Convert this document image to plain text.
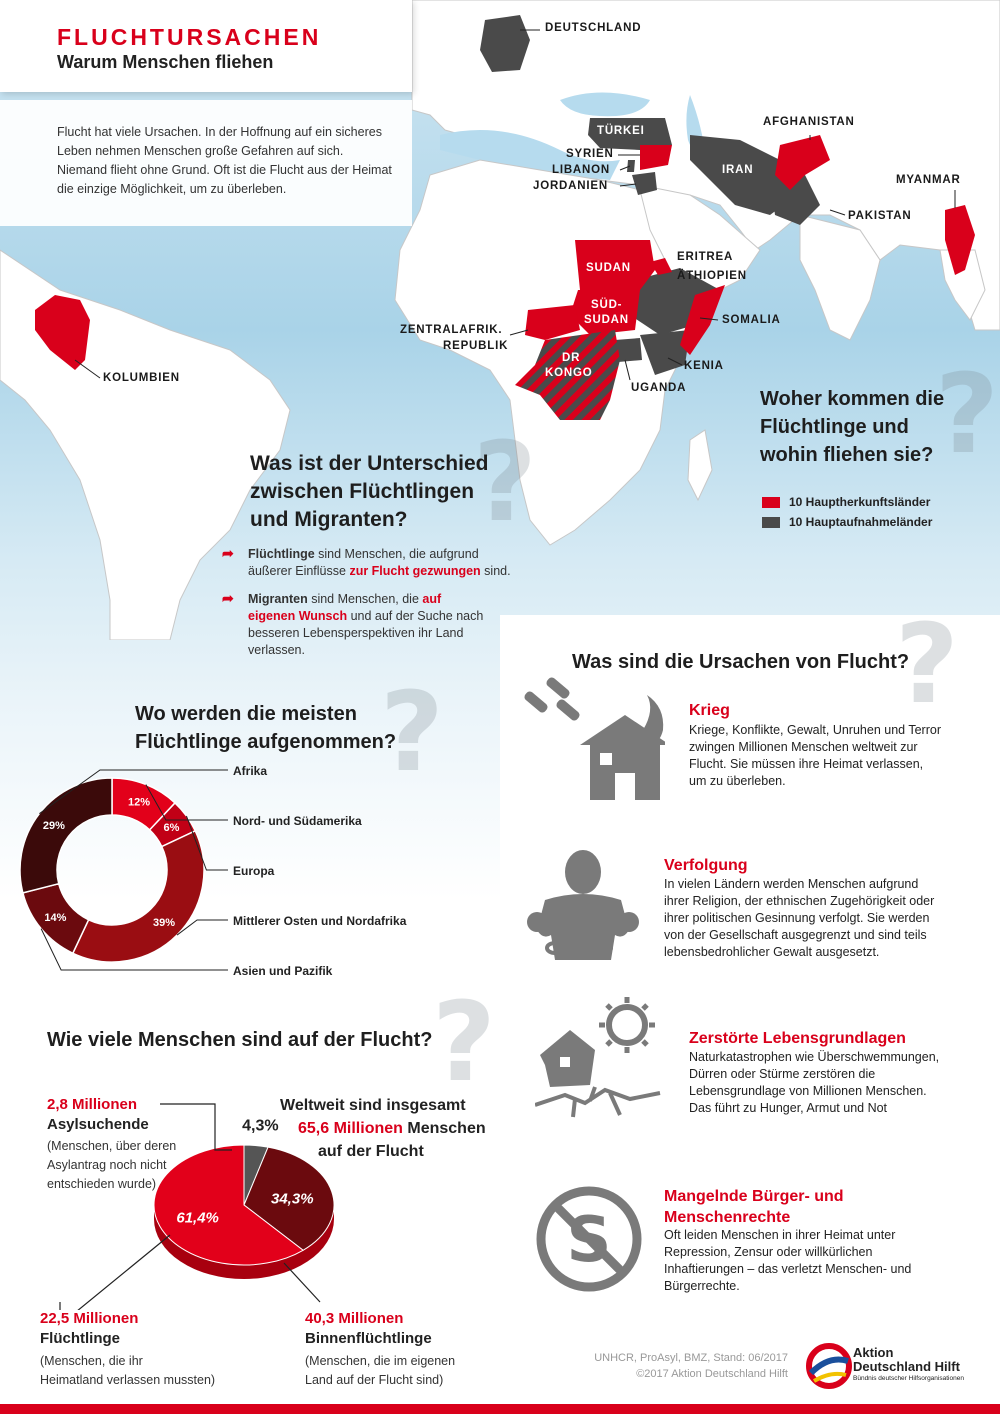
FLUCHTURSACHEN
Warum Menschen fliehen
Flucht hat viele Ursachen. In der Hoffnung auf ein sicheres Leben nehmen Menschen große Gefahren auf sich. Niemand flieht ohne Grund. Oft ist die Flucht aus der Heimat die einzige Möglichkeit, um zu überleben.
DEUTSCHLAND
TÜRKEI
SYRIEN
LIBANON
JORDANIEN
IRAN
AFGHANISTAN
PAKISTAN
MYANMAR
SUDAN
SÜD-
SUDAN
ERITREA
ÄTHIOPIEN
SOMALIA
ZENTRALAFRIK.
REPUBLIK
DR
KONGO
KENIA
UGANDA
KOLUMBIEN	?
Woher kommen die
Flüchtlinge und
wohin fliehen sie?
10 Hauptherkunftsländer
10 Hauptaufnahmeländer
?
Was ist der Unterschied
zwischen Flüchtlingen
und Migranten?
➦ Flüchtlinge sind Menschen, die aufgrund
äußerer Einflüsse zur Flucht gezwungen sind.
➦ Migranten sind Menschen, die auf
eigenen Wunsch und auf der Suche nach
besseren Lebensperspektiven ihr Land
verlassen.	?
Was sind die Ursachen von Flucht?
Krieg
Kriege, Konflikte, Gewalt, Unruhen und Terror
zwingen Millionen Menschen weltweit zur
Flucht. Sie müssen ihre Heimat verlassen,
um zu überleben.
Verfolgung
In vielen Ländern werden Menschen aufgrund
ihrer Religion, der ethnischen Zugehörigkeit oder
ihrer politischen Gesinnung verfolgt. Sie werden
von der Gesellschaft ausgegrenzt und sind teils
lebensbedrohlicher Gewalt ausgesetzt.
Zerstörte Lebensgrundlagen
Naturkatastrophen wie Überschwemmungen,
Dürren oder Stürme zerstören die
Lebensgrundlage von Millionen Menschen.
Das führt zu Hunger, Armut und Not
S
Mangelnde Bürger- und
Menschenrechte
Oft leiden Menschen in ihrer Heimat unter
Repression, Zensur oder willkürlichen
Inhaftierungen – das verletzt Menschen- und
Bürgerrechte.
?
Wo werden die meisten
Flüchtlinge aufgenommen?
12%
6%
39%
14%
29%
Afrika
Nord- und Südamerika
Europa
Mittlerer Osten und Nordafrika
Asien und Pazifik
?
Wie viele Menschen sind auf der Flucht?
Weltweit sind insgesamt
65,6 Millionen Menschen
auf der Flucht
2,8 Millionen
Asylsuchende
(Menschen, über deren
Asylantrag noch nicht
entschieden wurde)
4,3%
34,3%
61,4%
22,5 Millionen
Flüchtlinge
(Menschen, die ihr
Heimatland verlassen mussten)
40,3 Millionen
Binnenflüchtlinge
(Menschen, die im eigenen
Land auf der Flucht sind)
UNHCR, ProAsyl, BMZ, Stand: 06/2017
©2017 Aktion Deutschland Hilft
Aktion
Deutschland Hilft
Bündnis deutscher Hilfsorganisationen
